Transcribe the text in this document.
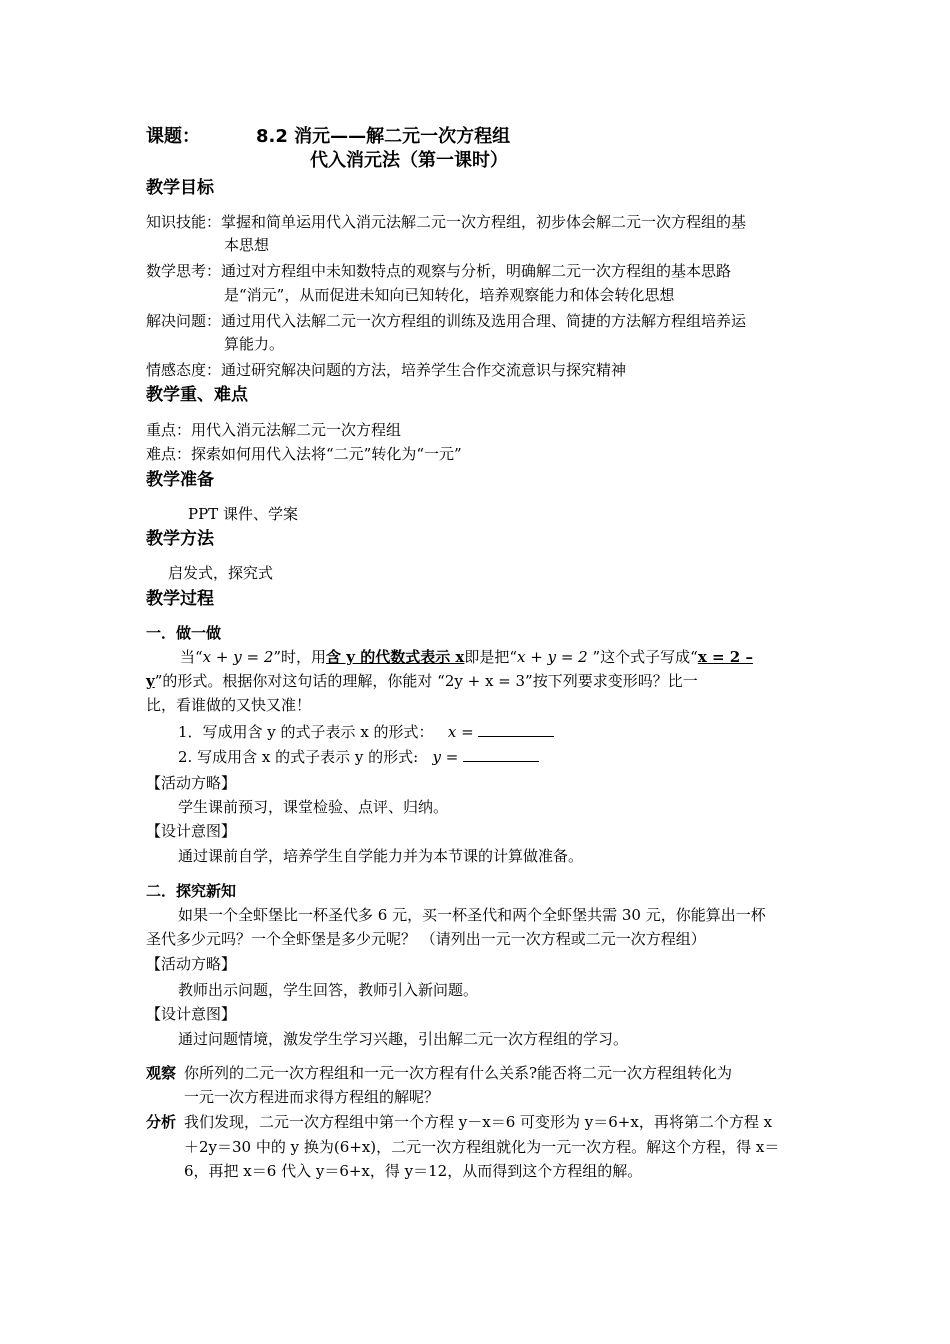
课题：	8.2 消元——解二元一次方程组
代入消元法（第一课时）
教学目标
知识技能：掌握和简单运用代入消元法解二元一次方程组，初步体会解二元一次方程组的基
本思想
数学思考：通过对方程组中未知数特点的观察与分析，明确解二元一次方程组的基本思路
是“消元”，从而促进未知向已知转化，培养观察能力和体会转化思想
解决问题：通过用代入法解二元一次方程组的训练及选用合理、简捷的方法解方程组培养运
算能力。
情感态度：通过研究解决问题的方法，培养学生合作交流意识与探究精神
教学重、难点
重点：用代入消元法解二元一次方程组
难点：探索如何用代入法将“二元”转化为“一元”
教学准备
PPT 课件、学案
教学方法
启发式，探究式
教学过程
一．做一做
当“x + y = 2”时，用含 y 的代数式表示 x即是把“x + y = 2 ”这个式子写成“x = 2 –
y”的形式。根据你对这句话的理解，你能对 “2y + x = 3”按下列要求变形吗？比一
比，看谁做的又快又准！
1．写成用含 y 的式子表示 x 的形式： x =
2. 写成用含 x 的式子表示 y 的形式: y =
【活动方略】
学生课前预习，课堂检验、点评、归纳。
【设计意图】
通过课前自学，培养学生自学能力并为本节课的计算做准备。
二．探究新知
如果一个全虾堡比一杯圣代多 6 元，买一杯圣代和两个全虾堡共需 30 元，你能算出一杯
圣代多少元吗？一个全虾堡是多少元呢？ （请列出一元一次方程或二元一次方程组）
【活动方略】
教师出示问题，学生回答，教师引入新问题。
【设计意图】
通过问题情境，激发学生学习兴趣，引出解二元一次方程组的学习。
观察 你所列的二元一次方程组和一元一次方程有什么关系?能否将二元一次方程组转化为
一元一次方程进而求得方程组的解呢？
分析 我们发现，二元一次方程组中第一个方程 y－x＝6 可变形为 y＝6+x，再将第二个方程 x
＋2y＝30 中的 y 换为(6+x)，二元一次方程组就化为一元一次方程。解这个方程，得 x＝
6，再把 x＝6 代入 y＝6+x，得 y＝12，从而得到这个方程组的解。
